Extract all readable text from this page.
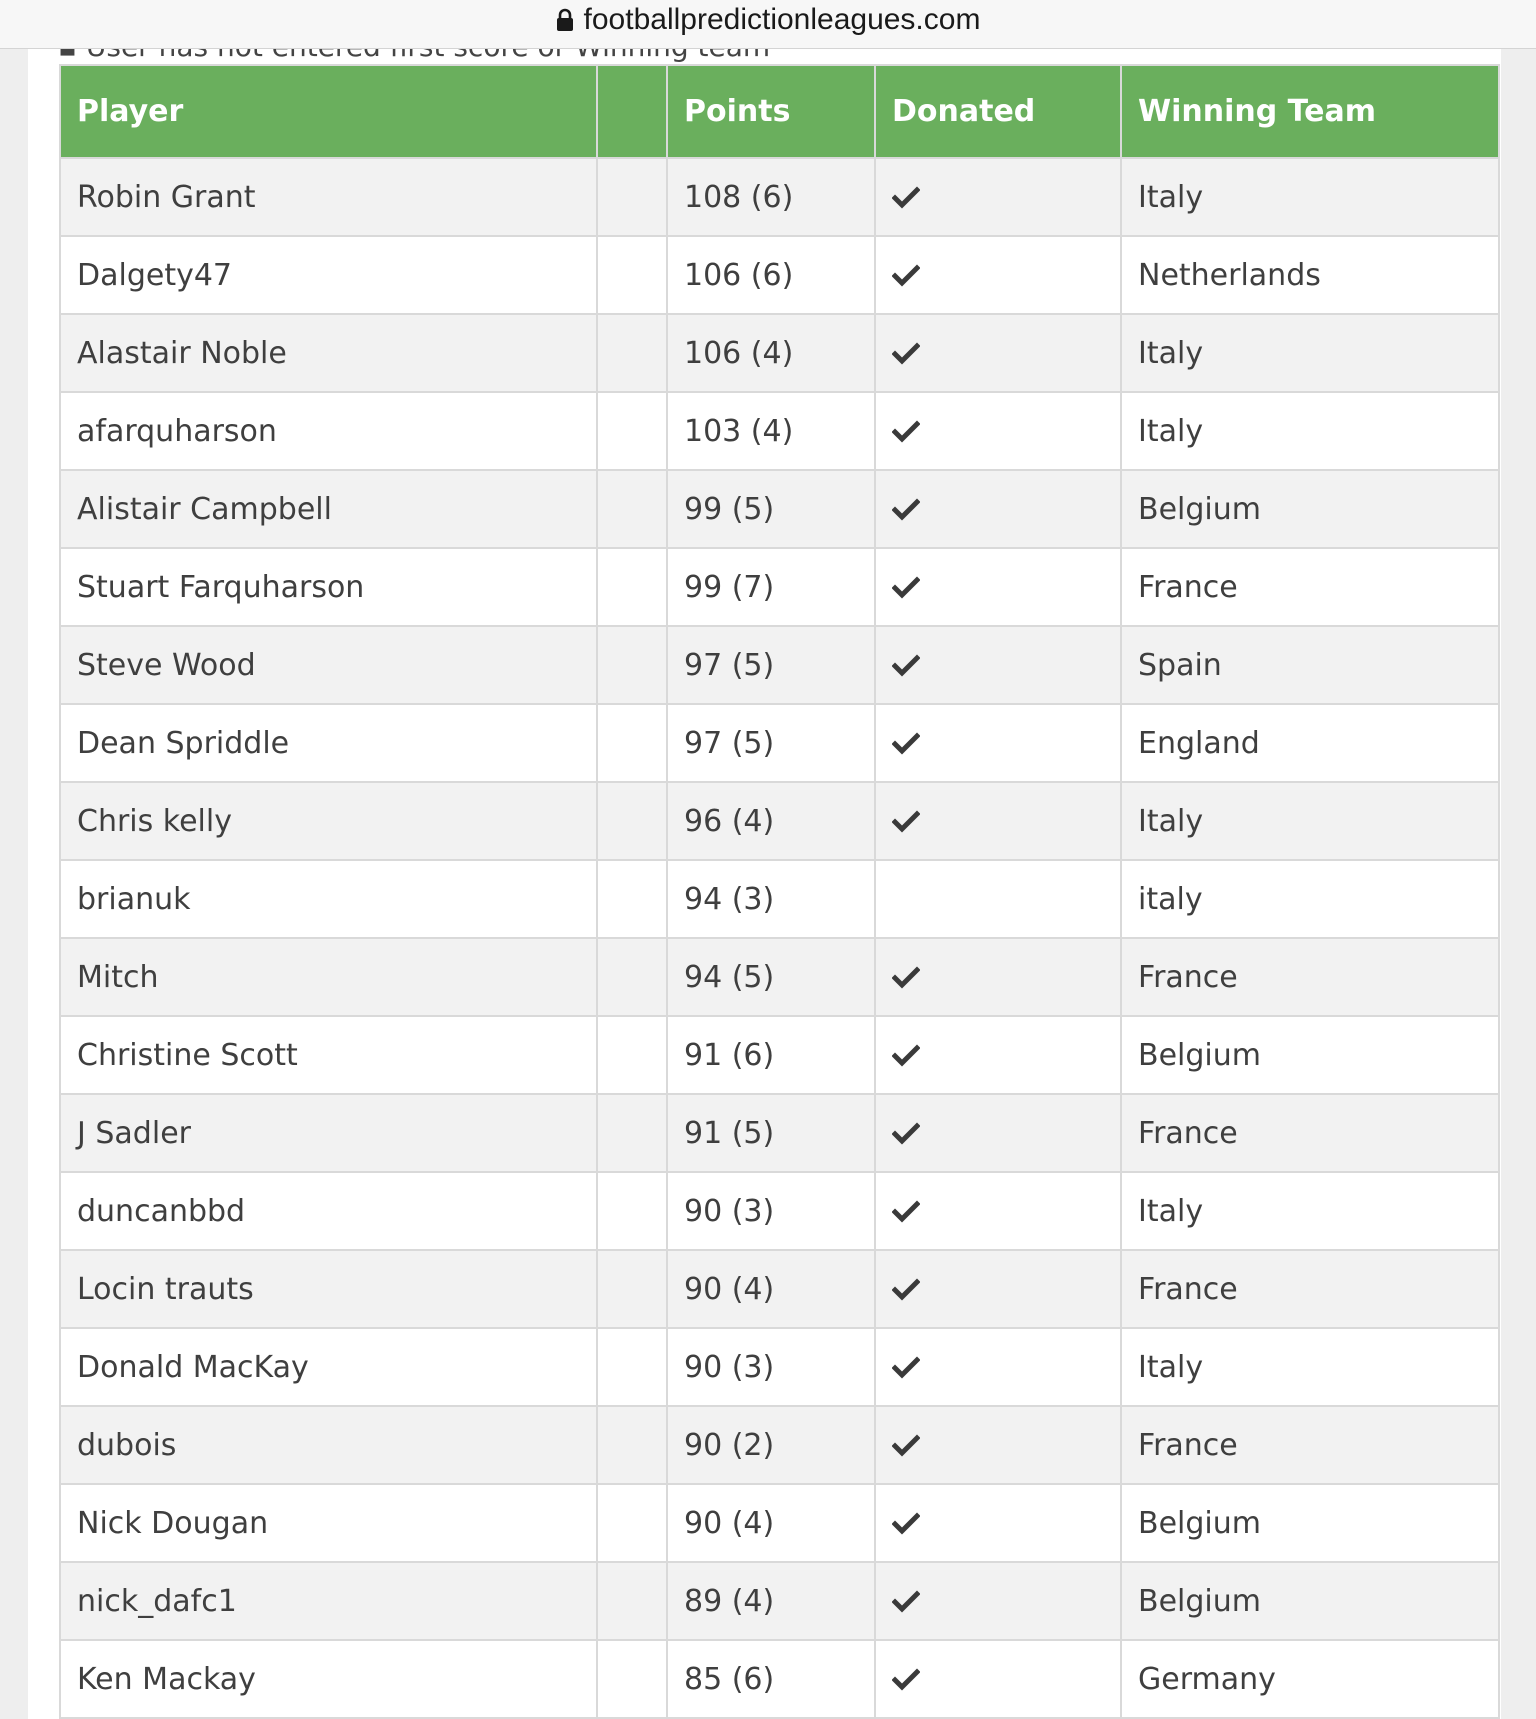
footballpredictionleagues.com
Player		Points	Donated	Winning Team
Robin Grant		108 (6)		Italy
Dalgety47		106 (6)		Netherlands
Alastair Noble		106 (4)		Italy
afarquharson		103 (4)		Italy
Alistair Campbell		99 (5)		Belgium
Stuart Farquharson		99 (7)		France
Steve Wood		97 (5)		Spain
Dean Spriddle		97 (5)		England
Chris kelly		96 (4)		Italy
brianuk		94 (3)		italy
Mitch		94 (5)		France
Christine Scott		91 (6)		Belgium
J Sadler		91 (5)		France
duncanbbd		90 (3)		Italy
Locin trauts		90 (4)		France
Donald MacKay		90 (3)		Italy
dubois		90 (2)		France
Nick Dougan		90 (4)		Belgium
nick_dafc1		89 (4)		Belgium
Ken Mackay		85 (6)		Germany
